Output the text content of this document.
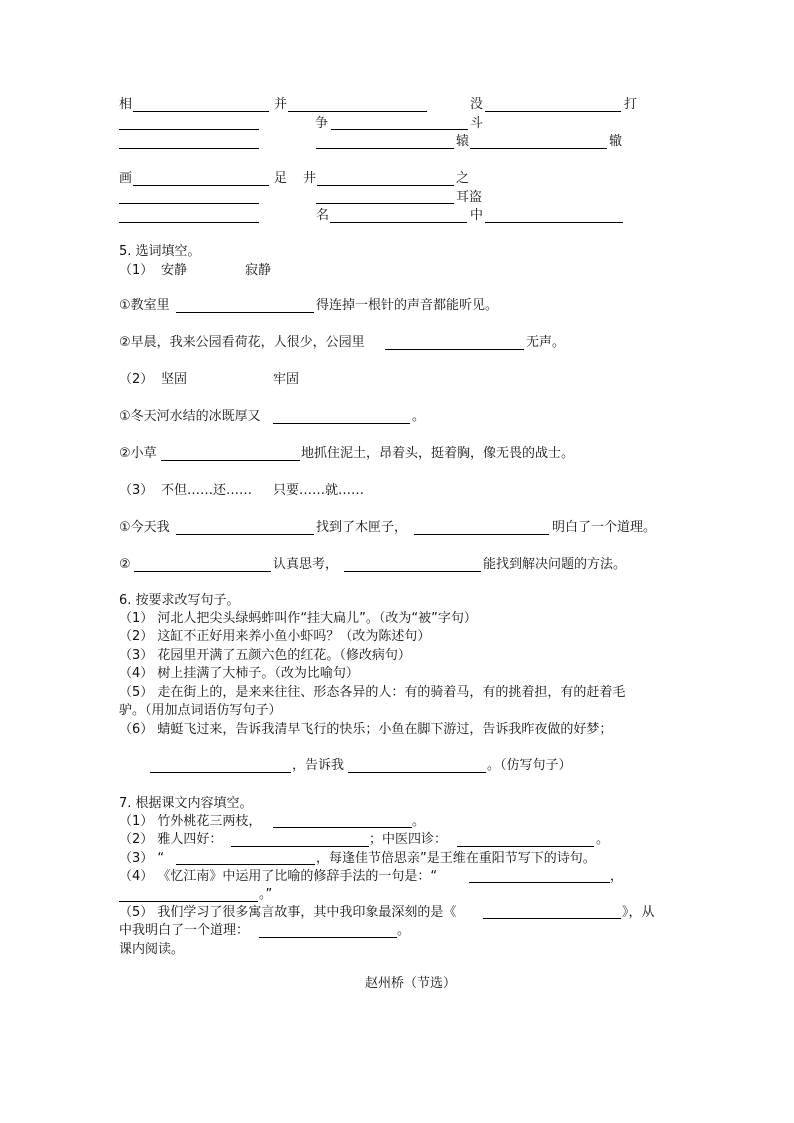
相	并	没	打
争	斗
辕	辙
画	足 井	之
耳盗
名	中
5. 选词填空。
（1） 安静	寂静
①教室里	得连掉一根针的声音都能听见。
②早晨，我来公园看荷花，人很少，公园里	无声。
（2） 坚固	牢固
①冬天河水结的冰既厚又	。
②小草	地抓住泥土，昂着头，挺着胸，像无畏的战士。
（3） 不但……还…… 只要……就……
①今天我	找到了木匣子，	明白了一个道理。
②	认真思考，	能找到解决问题的方法。
6. 按要求改写句子。
（1） 河北人把尖头绿蚂蚱叫作“挂大扁儿”。（改为“被”字句）
（2） 这缸不正好用来养小鱼小虾吗？（改为陈述句）
（3） 花园里开满了五颜六色的红花。（修改病句）
（4） 树上挂满了大柿子。（改为比喻句）
（5） 走在街上的，是来来往往、形态各异的人：有的骑着马，有的挑着担，有的赶着毛
驴。（用加点词语仿写句子）
（6） 蜻蜓飞过来，告诉我清早飞行的快乐；小鱼在脚下游过，告诉我昨夜做的好梦；
，告诉我	。（仿写句子）
7. 根据课文内容填空。
（1） 竹外桃花三两枝，	。
（2） 雅人四好：	；中医四诊：	。
（3） “	，每逢佳节倍思亲”是王维在重阳节写下的诗句。
（4） 《忆江南》中运用了比喻的修辞手法的一句是：“	，
。”
（5） 我们学习了很多寓言故事，其中我印象最深刻的是《	》，从
中我明白了一个道理：	。
课内阅读。
赵州桥（节选）
